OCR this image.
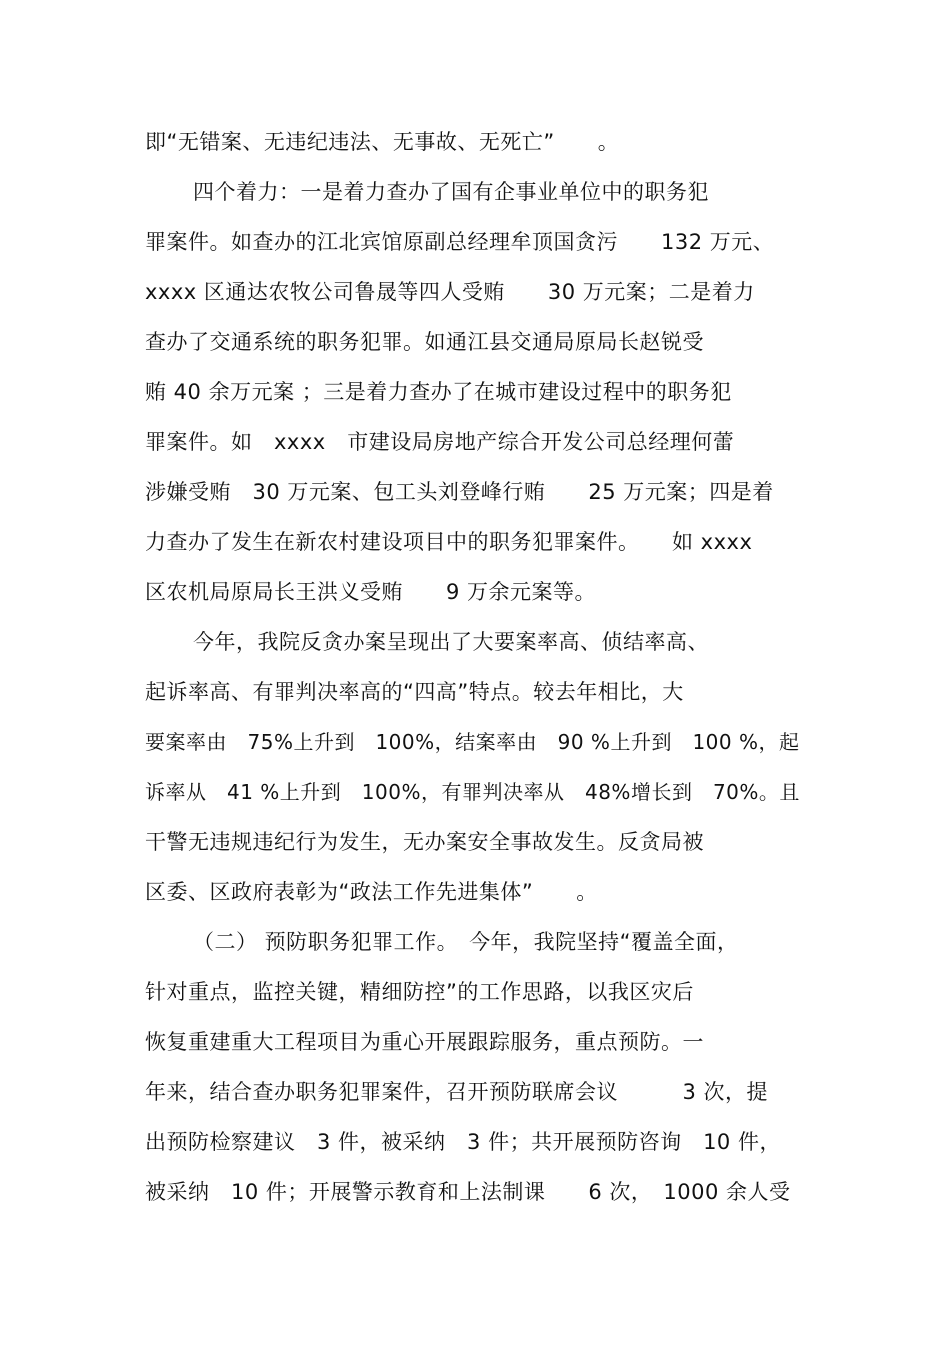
即“无错案、无违纪违法、无事故、无死亡”　　。
四个着力：一是着力查办了国有企事业单位中的职务犯
罪案件。如查办的江北宾馆原副总经理牟顶国贪污　　132 万元、
xxxx 区通达农牧公司鲁晟等四人受贿　　30 万元案；二是着力
查办了交通系统的职务犯罪。如通江县交通局原局长赵锐受
贿 40 余万元案 ；三是着力查办了在城市建设过程中的职务犯
罪案件。如　xxxx　市建设局房地产综合开发公司总经理何蕾
涉嫌受贿　30 万元案、包工头刘登峰行贿　　25 万元案；四是着
力查办了发生在新农村建设项目中的职务犯罪案件。　　如 xxxx
区农机局原局长王洪义受贿　　9 万余元案等。
今年，我院反贪办案呈现出了大要案率高、侦结率高、
起诉率高、有罪判决率高的“四高”特点。较去年相比，大
要案率由　75%上升到　100%，结案率由　90 %上升到　100 %，起
诉率从　41 %上升到　100%，有罪判决率从　48%增长到　70%。且
干警无违规违纪行为发生，无办案安全事故发生。反贪局被
区委、区政府表彰为“政法工作先进集体”　　。
（二） 预防职务犯罪工作。　今年，我院坚持“覆盖全面，
针对重点，监控关键，精细防控”的工作思路，以我区灾后
恢复重建重大工程项目为重心开展跟踪服务，重点预防。一
年来，结合查办职务犯罪案件，召开预防联席会议　　　3 次，提
出预防检察建议　3 件，被采纳　3 件；共开展预防咨询　10 件，
被采纳　10 件；开展警示教育和上法制课　　6 次，　1000 余人受
